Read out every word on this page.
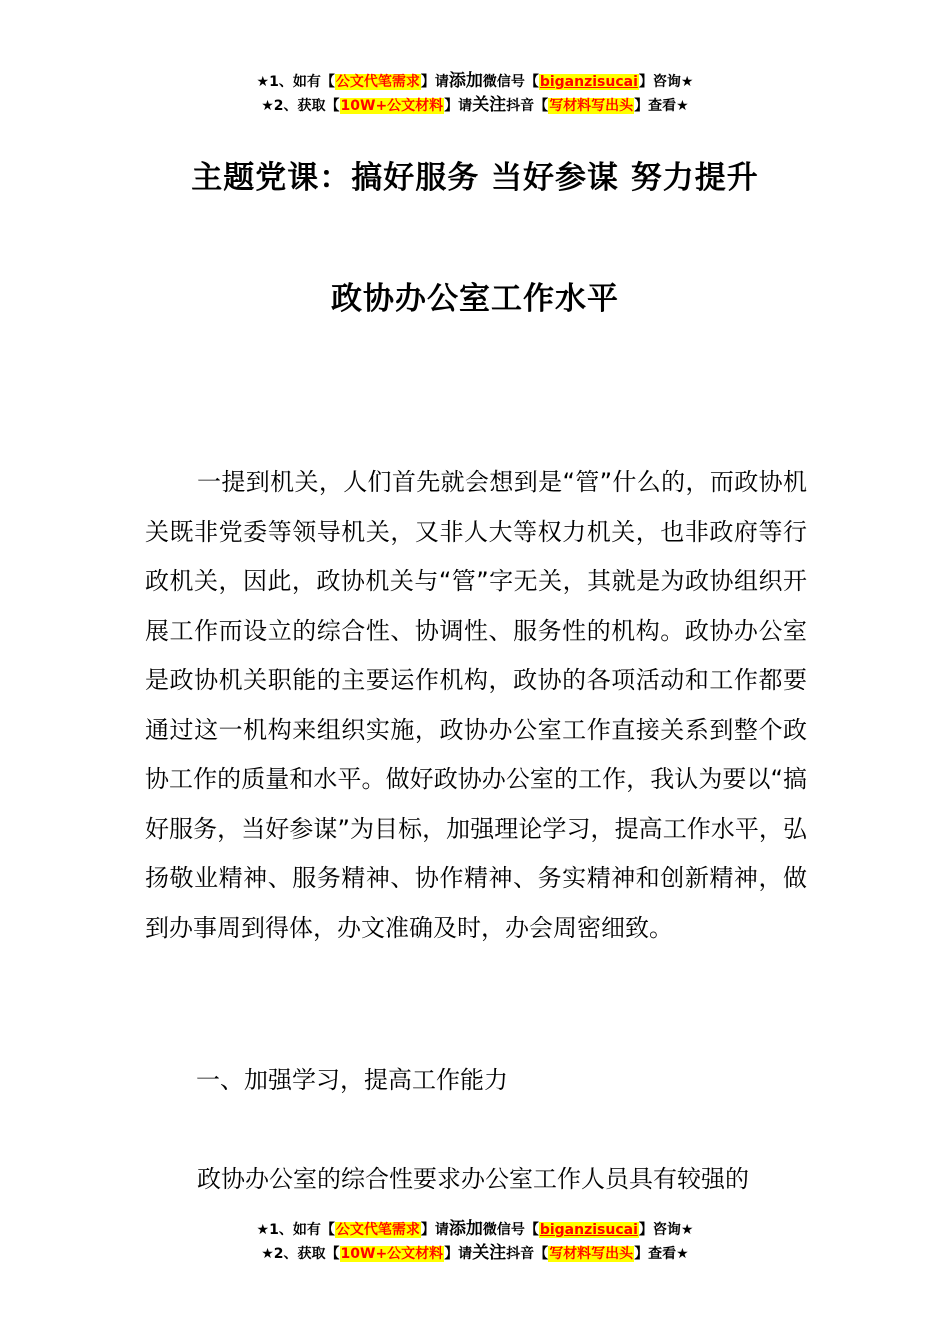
★1、如有【公文代笔需求】请添加微信号【biganzisucai】咨询★
★2、获取【10W+公文材料】请关注抖音【写材料写出头】查看★
主题党课：搞好服务 当好参谋 努力提升
政协办公室工作水平

一提到机关，人们首先就会想到是“管”什么的，而政协机关既非党委等领导机关，又非人大等权力机关，也非政府等行政机关，因此，政协机关与“管”字无关，其就是为政协组织开展工作而设立的综合性、协调性、服务性的机构。政协办公室是政协机关职能的主要运作机构，政协的各项活动和工作都要通过这一机构来组织实施，政协办公室工作直接关系到整个政协工作的质量和水平。做好政协办公室的工作，我认为要以“搞好服务，当好参谋”为目标，加强理论学习，提高工作水平，弘扬敬业精神、服务精神、协作精神、务实精神和创新精神，做到办事周到得体，办文准确及时，办会周密细致。

一、加强学习，提高工作能力

政协办公室的综合性要求办公室工作人员具有较强的

★1、如有【公文代笔需求】请添加微信号【biganzisucai】咨询★
★2、获取【10W+公文材料】请关注抖音【写材料写出头】查看★
